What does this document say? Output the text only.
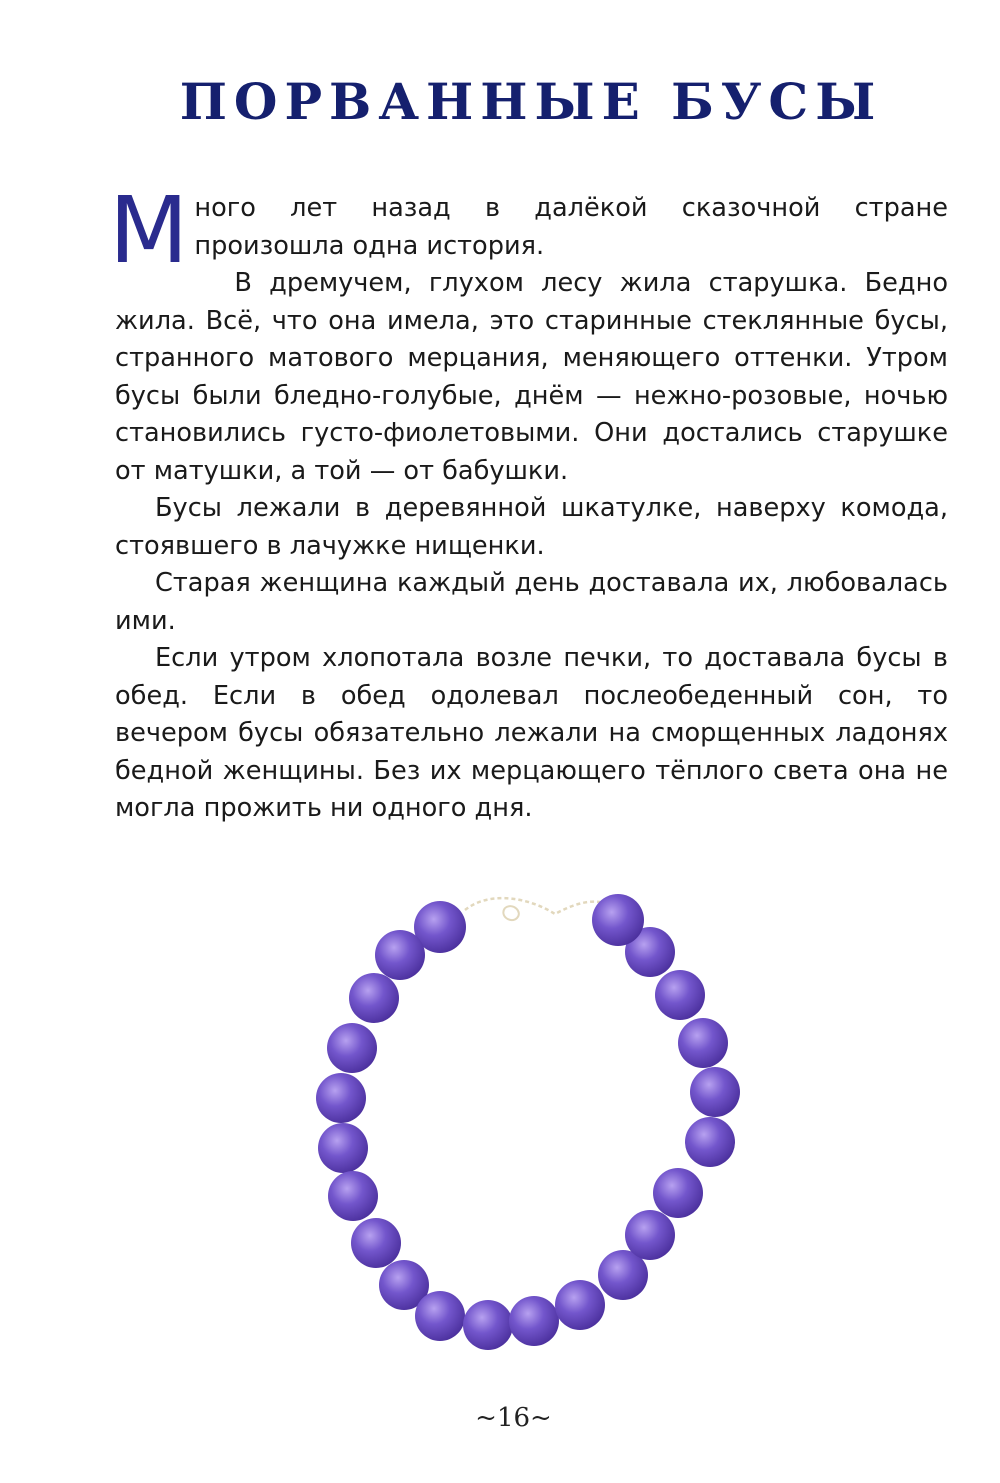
ПОРВАННЫЕ БУСЫ

Много лет назад в далёкой сказочной стране произошла одна история.

В дремучем, глухом лесу жила старушка. Бедно жила. Всё, что она имела, это старинные стеклянные бусы, странного матового мерцания, меняющего оттенки. Утром бусы были бледно-голубые, днём — нежно-розовые, ночью становились густо-фиолетовыми. Они достались старушке от матушки, а той — от бабушки.

Бусы лежали в деревянной шкатулке, наверху комода, стоявшего в лачужке нищенки.

Старая женщина каждый день доставала их, любовалась ими.

Если утром хлопотала возле печки, то доставала бусы в обед. Если в обед одолевал послеобеденный сон, то вечером бусы обязательно лежали на сморщенных ладонях бедной женщины. Без их мерцающего тёплого света она не могла прожить ни одного дня.

~16~
